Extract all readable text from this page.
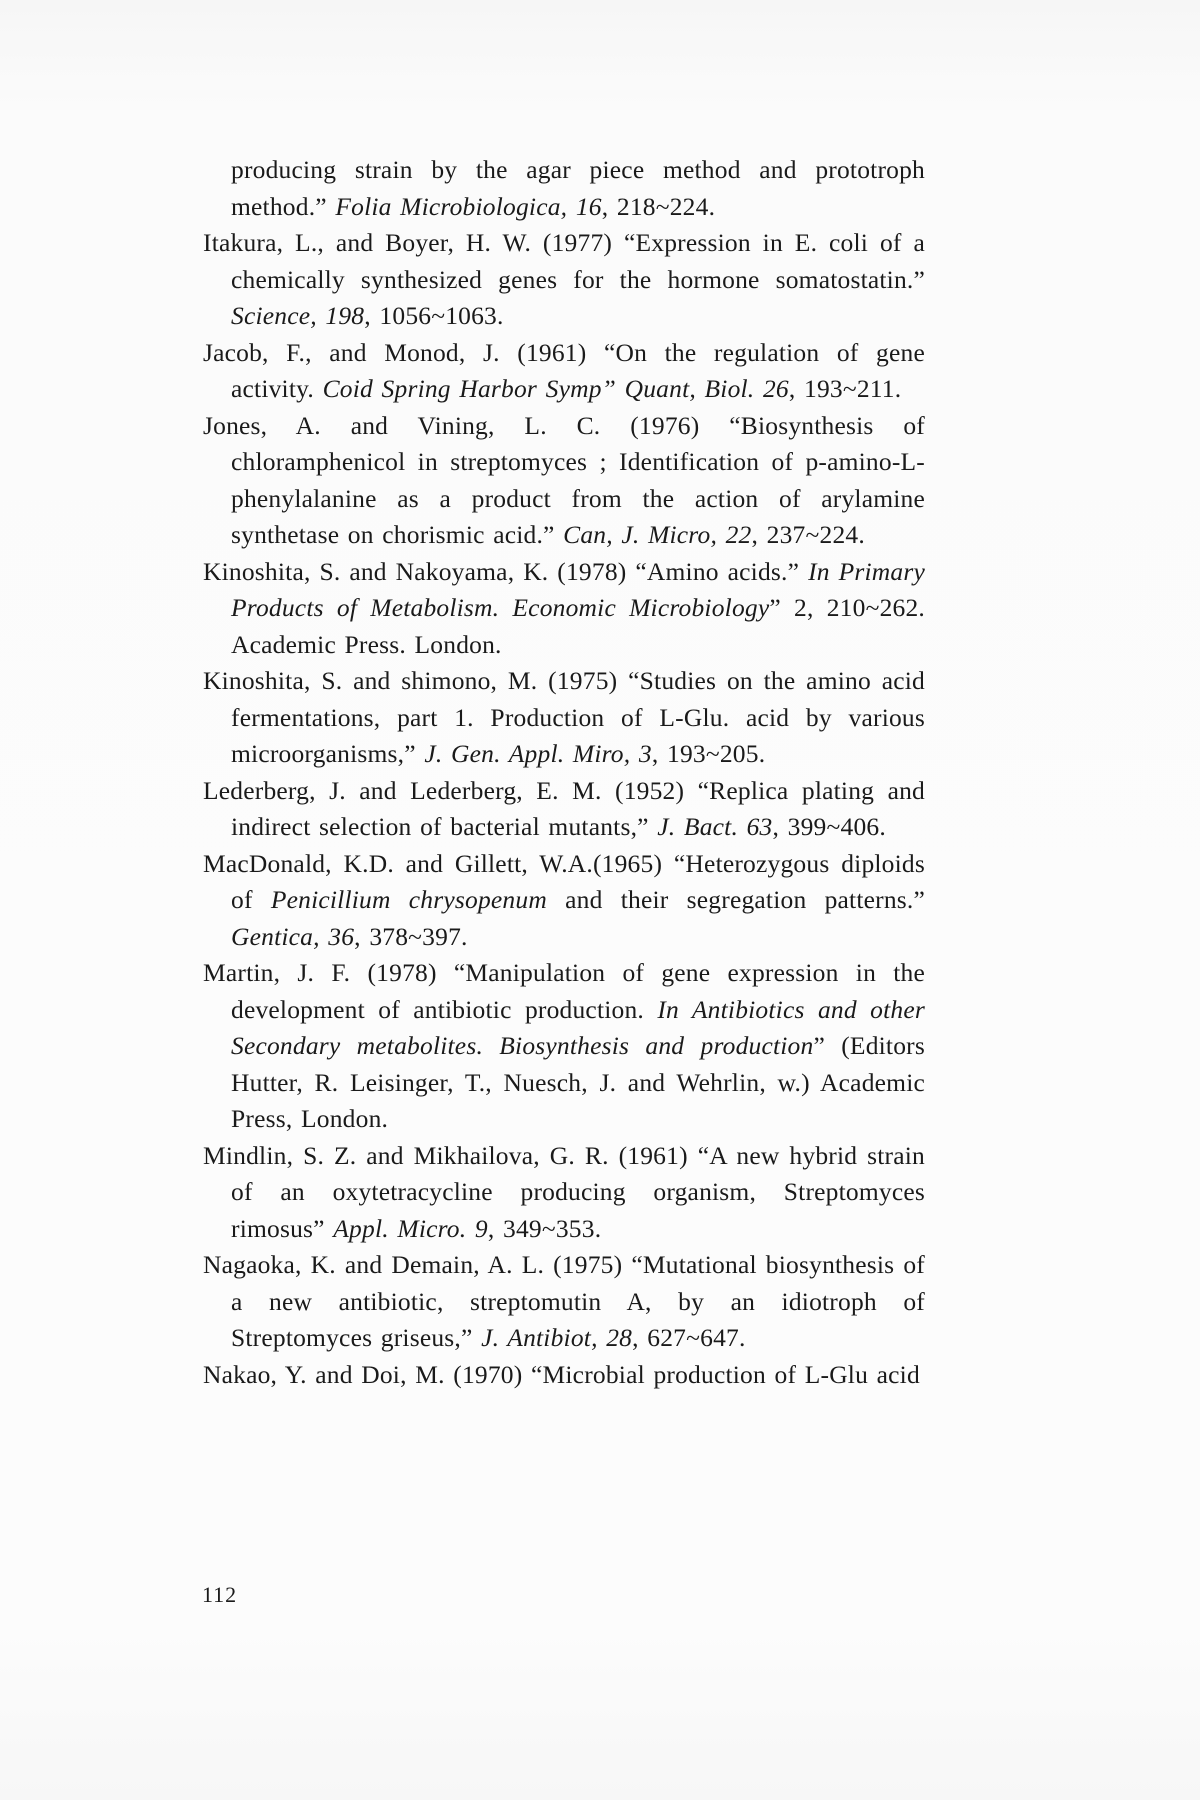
producing strain by the agar piece method and prototroph method.” Folia Microbiologica, 16, 218~224.

Itakura, L., and Boyer, H. W. (1977) “Expression in E. coli of a chemically synthesized genes for the hormone somatostatin.” Science, 198, 1056~1063.

Jacob, F., and Monod, J. (1961) “On the regulation of gene activity. Coid Spring Harbor Symp” Quant, Biol. 26, 193~211.

Jones, A. and Vining, L. C. (1976) “Biosynthesis of chloramphenicol in streptomyces ; Identification of p-amino-L-phenylalanine as a product from the action of arylamine synthetase on chorismic acid.” Can, J. Micro, 22, 237~224.

Kinoshita, S. and Nakoyama, K. (1978) “Amino acids.” In Primary Products of Metabolism. Economic Microbiology” 2, 210~262. Academic Press. London.

Kinoshita, S. and shimono, M. (1975) “Studies on the amino acid fermentations, part 1. Production of L-Glu. acid by various microorganisms,” J. Gen. Appl. Miro, 3, 193~205.

Lederberg, J. and Lederberg, E. M. (1952) “Replica plating and indirect selection of bacterial mutants,” J. Bact. 63, 399~406.

MacDonald, K.D. and Gillett, W.A.(1965) “Heterozygous diploids of Penicillium chrysopenum and their segregation patterns.” Gentica, 36, 378~397.

Martin, J. F. (1978) “Manipulation of gene expression in the development of antibiotic production. In Antibiotics and other Secondary metabolites. Biosynthesis and production” (Editors Hutter, R. Leisinger, T., Nuesch, J. and Wehrlin, w.) Academic Press, London.

Mindlin, S. Z. and Mikhailova, G. R. (1961) “A new hybrid strain of an oxytetracycline producing organism, Streptomyces rimosus” Appl. Micro. 9, 349~353.

Nagaoka, K. and Demain, A. L. (1975) “Mutational biosynthesis of a new antibiotic, streptomutin A, by an idiotroph of Streptomyces griseus,” J. Antibiot, 28, 627~647.

Nakao, Y. and Doi, M. (1970) “Microbial production of L-Glu acid

112
